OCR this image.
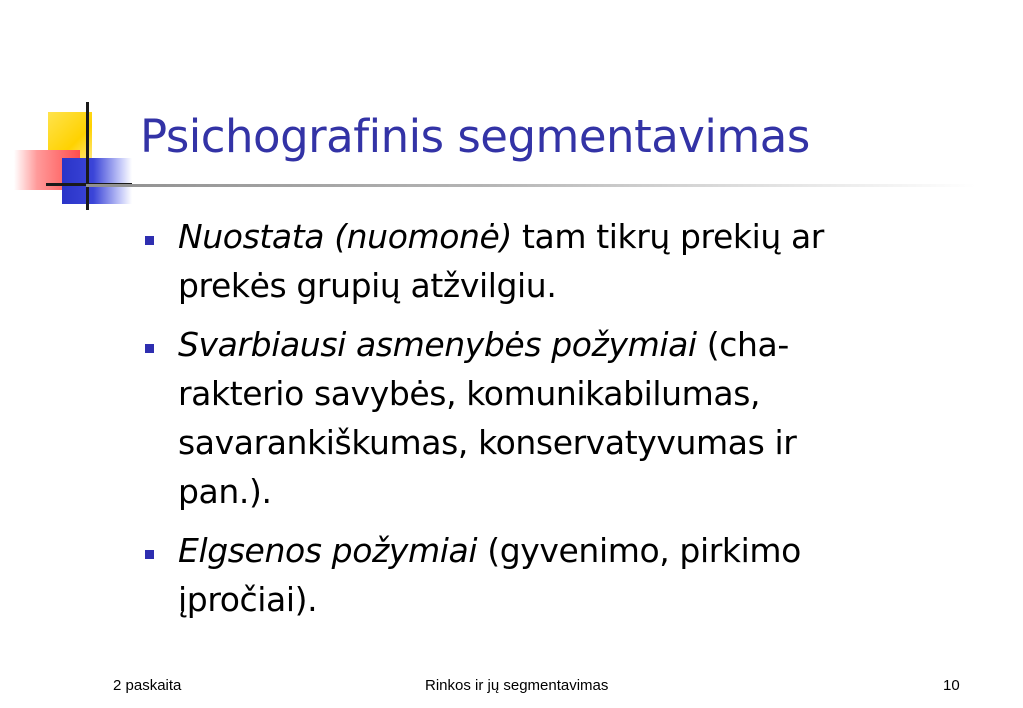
Psichografinis segmentavimas
Nuostata (nuomonė) tam tikrų prekių ar prekės grupių atžvilgiu.
Svarbiausi asmenybės požymiai (cha-rakterio savybės, komunikabilumas, savarankiškumas, konservatyvumas ir pan.).
Elgsenos požymiai (gyvenimo, pirkimo įpročiai).
2 paskaita	Rinkos ir jų segmentavimas	10
